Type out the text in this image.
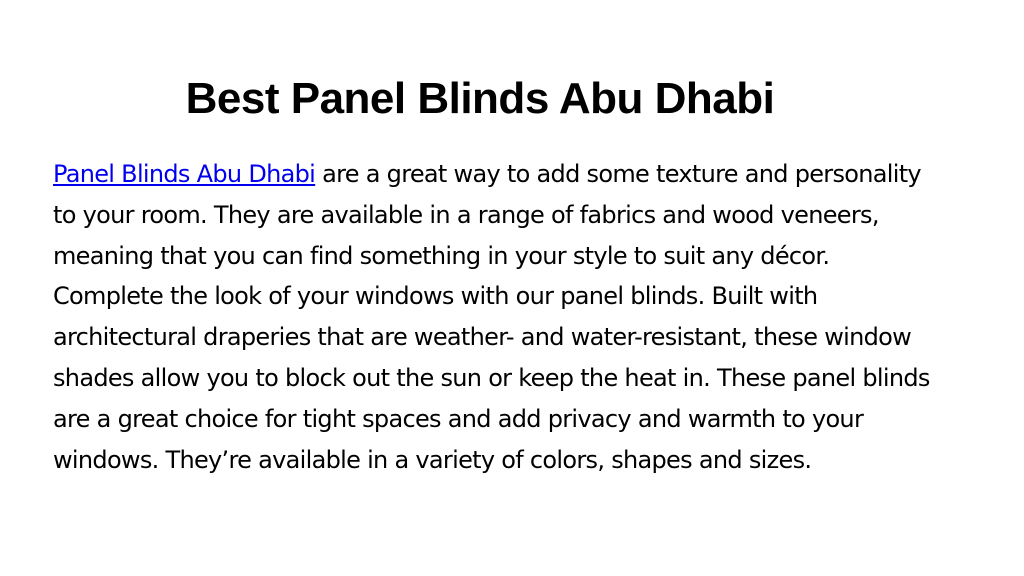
Best Panel Blinds Abu Dhabi

Panel Blinds Abu Dhabi are a great way to add some texture and personality to your room. They are available in a range of fabrics and wood veneers, meaning that you can find something in your style to suit any décor. Complete the look of your windows with our panel blinds. Built with architectural draperies that are weather- and water-resistant, these window shades allow you to block out the sun or keep the heat in. These panel blinds are a great choice for tight spaces and add privacy and warmth to your windows. They’re available in a variety of colors, shapes and sizes.
